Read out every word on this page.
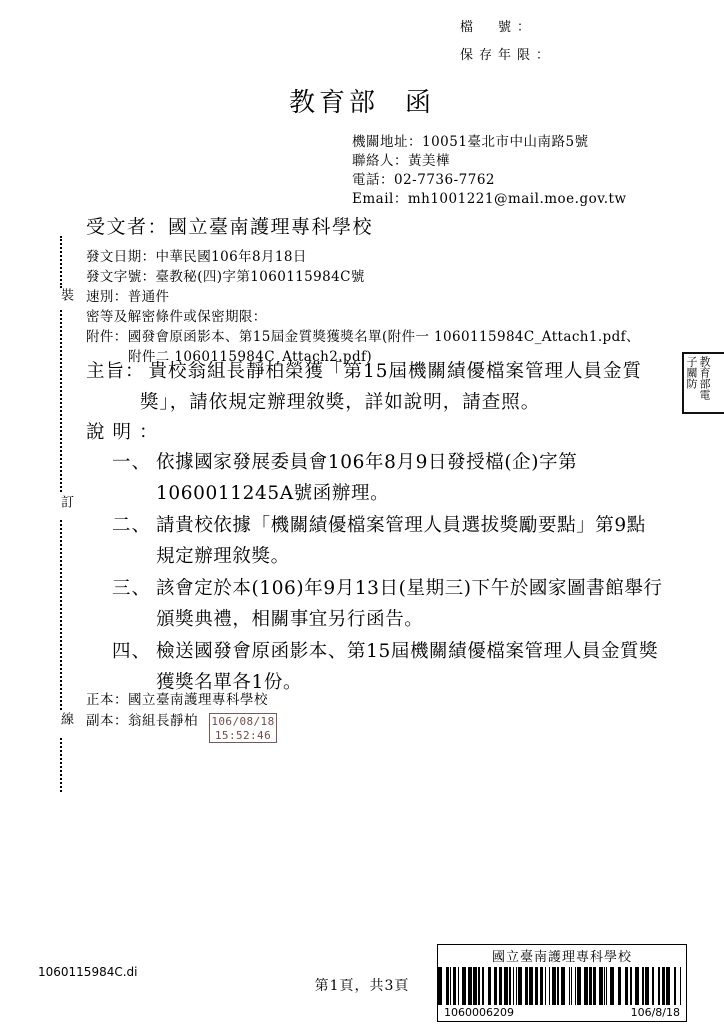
檔　號：
保存年限：
教育部 函
機關地址：10051臺北市中山南路5號
聯絡人：黃美樺
電話：02-7736-7762
Email：mh1001221@mail.moe.gov.tw
受文者：國立臺南護理專科學校
發文日期：中華民國106年8月18日
發文字號：臺教秘(四)字第1060115984C號
速別：普通件
密等及解密條件或保密期限：
附件：國發會原函影本、第15屆金質獎獲獎名單(附件一 1060115984C_Attach1.pdf、
附件二 1060115984C_Attach2.pdf)
主旨： 貴校翁組長靜柏榮獲「第15屆機關績優檔案管理人員金質獎」，請依規定辦理敘獎，詳如說明，請查照。
說明：
一、 依據國家發展委員會106年8月9日發授檔(企)字第1060011245A號函辦理。
二、 請貴校依據「機關績優檔案管理人員選拔獎勵要點」第9點規定辦理敘獎。
三、 該會定於本(106)年9月13日(星期三)下午於國家圖書館舉行頒獎典禮，相關事宜另行函告。
四、 檢送國發會原函影本、第15屆機關績優檔案管理人員金質獎獲獎名單各1份。
正本：國立臺南護理專科學校
副本：翁組長靜柏	106/08/18
15:52:46
裝
訂
線
教育部電子關防
1060115984C.di
第1頁，共3頁
國立臺南護理專科學校
1060006209	106/8/18
